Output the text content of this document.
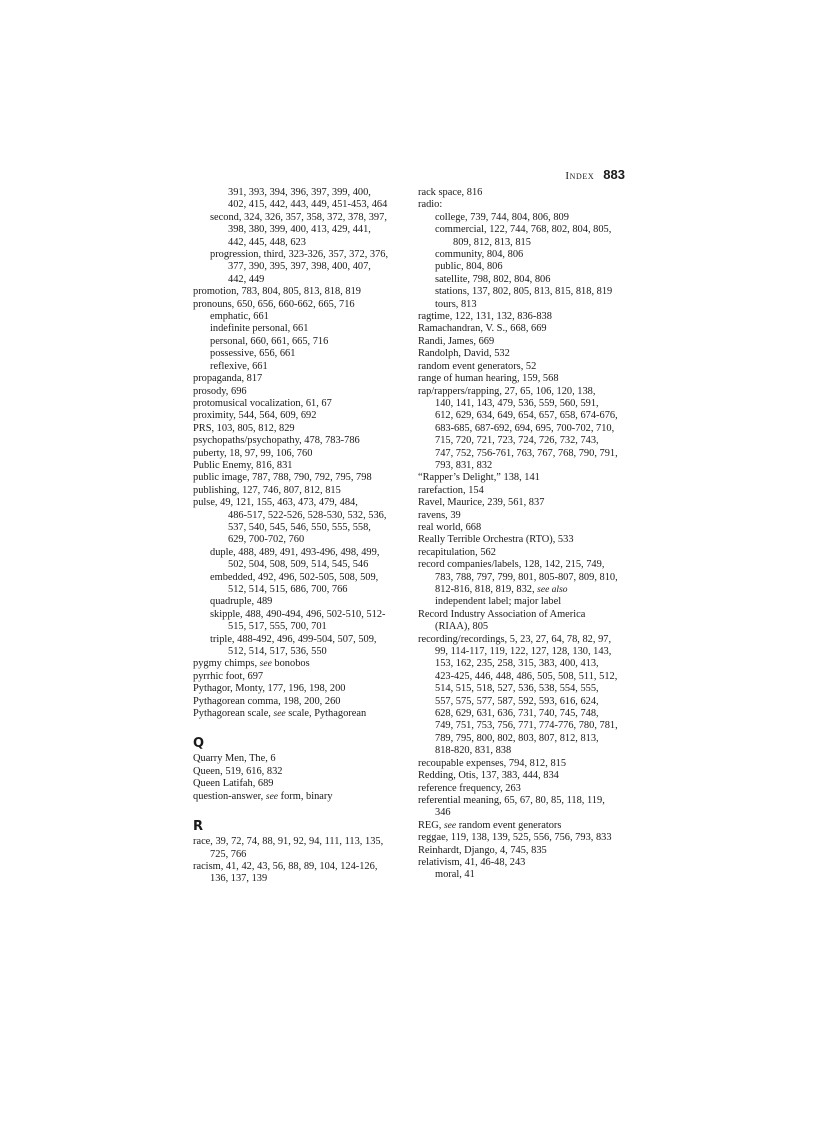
Index 883
391, 393, 394, 396, 397, 399, 400,
402, 415, 442, 443, 449, 451-453, 464
second, 324, 326, 357, 358, 372, 378, 397,
398, 380, 399, 400, 413, 429, 441,
442, 445, 448, 623
progression, third, 323-326, 357, 372, 376,
377, 390, 395, 397, 398, 400, 407,
442, 449
promotion, 783, 804, 805, 813, 818, 819
pronouns, 650, 656, 660-662, 665, 716
emphatic, 661
indefinite personal, 661
personal, 660, 661, 665, 716
possessive, 656, 661
reflexive, 661
propaganda, 817
prosody, 696
protomusical vocalization, 61, 67
proximity, 544, 564, 609, 692
PRS, 103, 805, 812, 829
psychopaths/psychopathy, 478, 783-786
puberty, 18, 97, 99, 106, 760
Public Enemy, 816, 831
public image, 787, 788, 790, 792, 795, 798
publishing, 127, 746, 807, 812, 815
pulse, 49, 121, 155, 463, 473, 479, 484,
486-517, 522-526, 528-530, 532, 536,
537, 540, 545, 546, 550, 555, 558,
629, 700-702, 760
duple, 488, 489, 491, 493-496, 498, 499,
502, 504, 508, 509, 514, 545, 546
embedded, 492, 496, 502-505, 508, 509,
512, 514, 515, 686, 700, 766
quadruple, 489
skipple, 488, 490-494, 496, 502-510, 512-
515, 517, 555, 700, 701
triple, 488-492, 496, 499-504, 507, 509,
512, 514, 517, 536, 550
pygmy chimps, see bonobos
pyrrhic foot, 697
Pythagor, Monty, 177, 196, 198, 200
Pythagorean comma, 198, 200, 260
Pythagorean scale, see scale, Pythagorean
Q
Quarry Men, The, 6
Queen, 519, 616, 832
Queen Latifah, 689
question-answer, see form, binary
R
race, 39, 72, 74, 88, 91, 92, 94, 111, 113, 135,
725, 766
racism, 41, 42, 43, 56, 88, 89, 104, 124-126,
136, 137, 139
rack space, 816
radio:
college, 739, 744, 804, 806, 809
commercial, 122, 744, 768, 802, 804, 805,
809, 812, 813, 815
community, 804, 806
public, 804, 806
satellite, 798, 802, 804, 806
stations, 137, 802, 805, 813, 815, 818, 819
tours, 813
ragtime, 122, 131, 132, 836-838
Ramachandran, V. S., 668, 669
Randi, James, 669
Randolph, David, 532
random event generators, 52
range of human hearing, 159, 568
rap/rappers/rapping, 27, 65, 106, 120, 138,
140, 141, 143, 479, 536, 559, 560, 591,
612, 629, 634, 649, 654, 657, 658, 674-676,
683-685, 687-692, 694, 695, 700-702, 710,
715, 720, 721, 723, 724, 726, 732, 743,
747, 752, 756-761, 763, 767, 768, 790, 791,
793, 831, 832
“Rapper’s Delight,” 138, 141
rarefaction, 154
Ravel, Maurice, 239, 561, 837
ravens, 39
real world, 668
Really Terrible Orchestra (RTO), 533
recapitulation, 562
record companies/labels, 128, 142, 215, 749,
783, 788, 797, 799, 801, 805-807, 809, 810,
812-816, 818, 819, 832, see also
independent label; major label
Record Industry Association of America
(RIAA), 805
recording/recordings, 5, 23, 27, 64, 78, 82, 97,
99, 114-117, 119, 122, 127, 128, 130, 143,
153, 162, 235, 258, 315, 383, 400, 413,
423-425, 446, 448, 486, 505, 508, 511, 512,
514, 515, 518, 527, 536, 538, 554, 555,
557, 575, 577, 587, 592, 593, 616, 624,
628, 629, 631, 636, 731, 740, 745, 748,
749, 751, 753, 756, 771, 774-776, 780, 781,
789, 795, 800, 802, 803, 807, 812, 813,
818-820, 831, 838
recoupable expenses, 794, 812, 815
Redding, Otis, 137, 383, 444, 834
reference frequency, 263
referential meaning, 65, 67, 80, 85, 118, 119,
346
REG, see random event generators
reggae, 119, 138, 139, 525, 556, 756, 793, 833
Reinhardt, Django, 4, 745, 835
relativism, 41, 46-48, 243
moral, 41
